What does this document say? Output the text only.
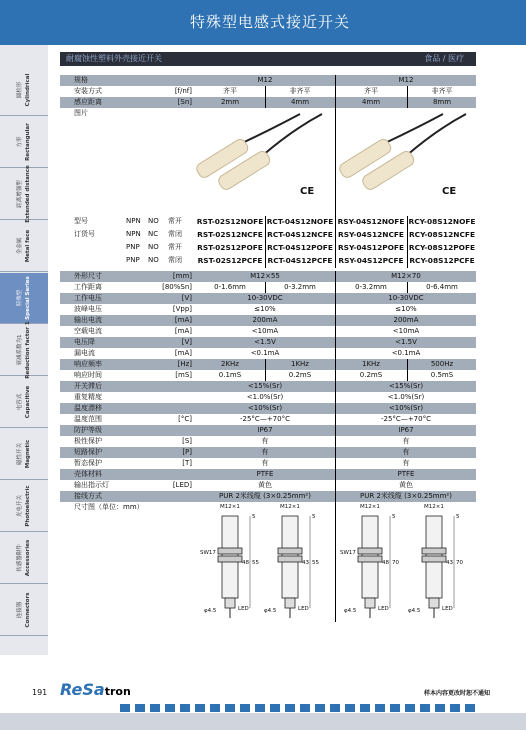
特殊型电感式接近开关
圆柱形 Cylindrical
方形 Rectangular
距离增强型 Extended distance
全金属 Metal face
特殊型 Special Series
衰减系数为1 Reduction factor 1
电容式 Capacitive
磁性开关 Magnetic
光电开关 Photoelectric
传感器附件 Accessories
连接器 Connectors
耐腐蚀性塑料外壳接近开关	食品 / 医疗
规格	M12	M12
安装方式	[f/nf]	齐平	非齐平	齐平	非齐平
感应距离	[Sn]	2mm	4mm	4mm	8mm
图片
CE	CE
型号	NPN	NO	常开	RST-02S12NOFE RCT-04S12NOFE RSY-04S12NOFE RCY-08S12NOFE
订货号	NPN	NC	常闭	RST-02S12NCFE RCT-04S12NCFE RSY-04S12NCFE RCY-08S12NCFE
PNP	NO	常开	RST-02S12POFE RCT-04S12POFE RSY-04S12POFE RCY-08S12POFE
PNP	NO	常闭	RST-02S12PCFE RCT-04S12PCFE RSY-04S12PCFE RCY-08S12PCFE
外形尺寸	[mm]	M12×55	M12×70
工作距离	[80%Sn]	0-1.6mm	0-3.2mm	0-3.2mm	0-6.4mm
工作电压	[V]	10-30VDC	10-30VDC
波峰电压	[Vpp]	≤10%	≤10%
输出电流	[mA]	200mA	200mA
空载电流	[mA]	<10mA	<10mA
电压降	[V]	<1.5V	<1.5V
漏电流	[mA]	<0.1mA	<0.1mA
响应频率	[Hz]	2KHz	1KHz	1KHz	500Hz
响应时间	[mS]	0.1mS	0.2mS	0.2mS	0.5mS
开关滞后	<15%(Sr)	<15%(Sr)
重复精度	<1.0%(Sr)	<1.0%(Sr)
温度漂移	<10%(Sr)	<10%(Sr)
温度范围	[°C]	-25°C—+70°C	-25°C—+70°C
防护等级	IP67	IP67
极性保护	[S]	有	有
短路保护	[P]	有	有
暂态保护	[T]	有	有
壳体材料	PTFE	PTFE
输出指示灯	[LED]	黄色	黄色
接线方式	PUR 2米线缆 (3×0.25mm²)	PUR 2米线缆 (3×0.25mm²)
尺寸图（单位：mm）	M12×1
48 55
5
φ4.5	LED
SW17
M12×1
43 55
5
φ4.5	LED
M12×1
48 70
5
φ4.5	LED
SW17
M12×1
43 70
5
φ4.5	LED
191 ReSatron	样本内容更改时恕不通知
